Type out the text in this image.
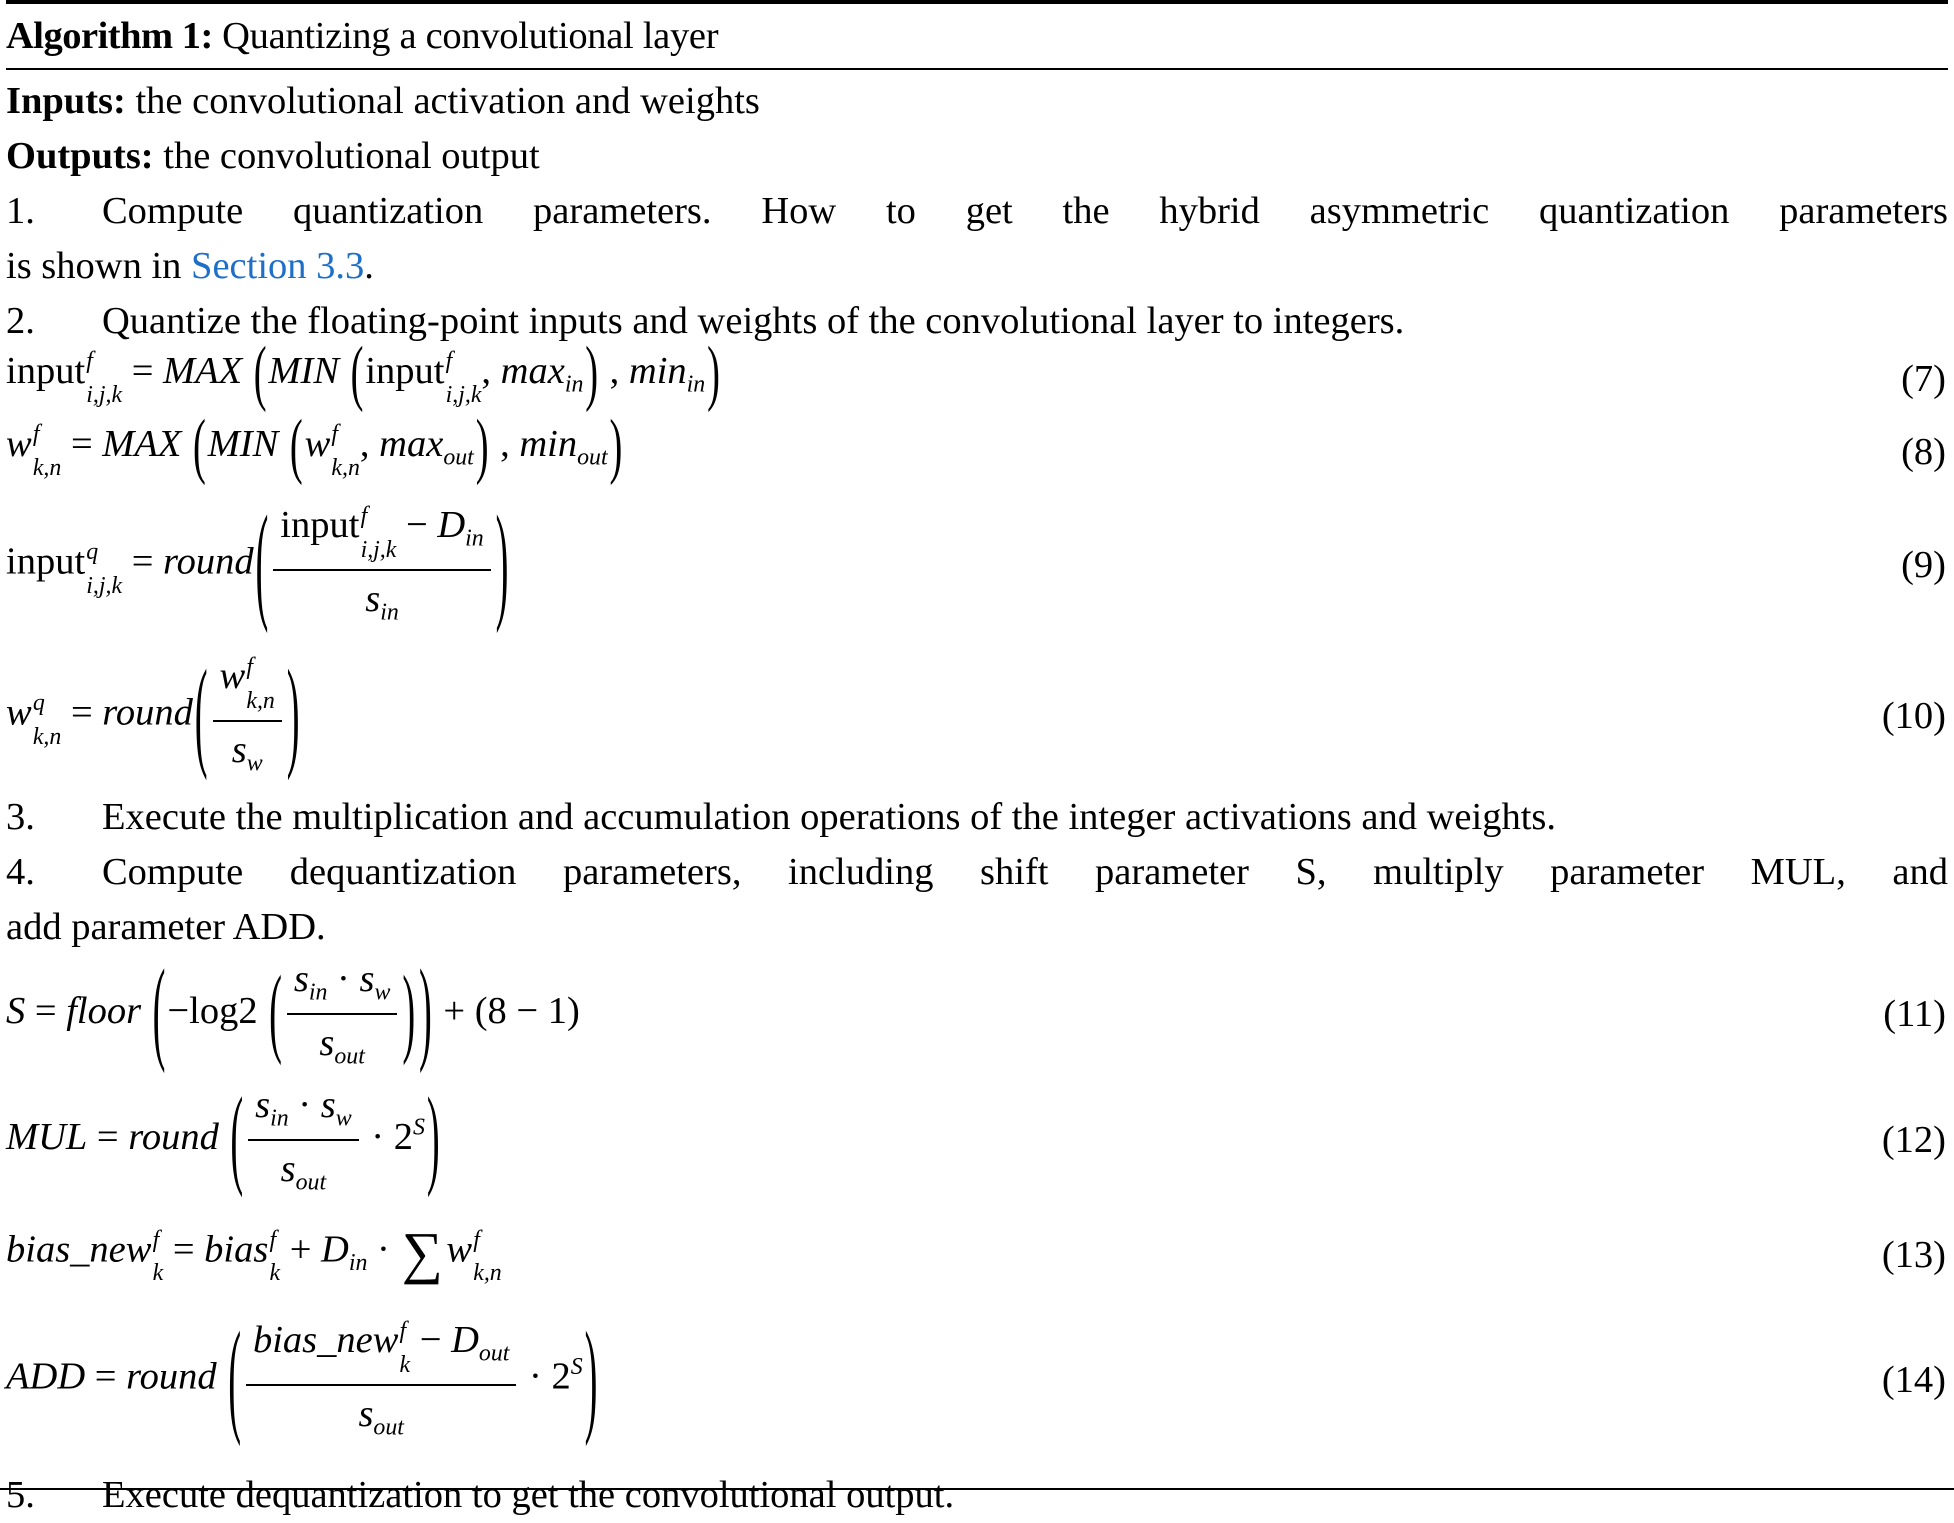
Algorithm 1: Quantizing a convolutional layer
Inputs: the convolutional activation and weights
Outputs: the convolutional output
1. Compute quantization parameters. How to get the hybrid asymmetric quantization parameters
is shown in Section 3.3.
2. Quantize the floating-point inputs and weights of the convolutional layer to integers.
input f
i,j,k
= MAX (MIN (input f
i,j,k
, $\max_{in}$) , $\min_{in}$)	(7)
w f
k,n
= MAX (MIN (w f
k,n
, $\max_{out}$) , $\min_{out}$)	(8)
input q
i,j,k
= round( input f
i,j,k
− $D_{in}$
$s_{in}$	)	(9)
w q
k,n
= round( w f
k,n
$s_w$ )	(10)
3. Execute the multiplication and accumulation operations of the integer activations and weights.
4. Compute dequantization parameters, including shift parameter S, multiply parameter MUL, and
add parameter ADD.
S = floor (−log2 ( $s_{in} \cdot s_w$
$s_{out}$ )) + (8 − 1)	(11)
MUL = round ( $s_{in} \cdot s_w$
$s_{out}$
· $2^S$)	(12)
bias_new f
k
= bias f
k
+ $D_{in} \cdot \sum w$ f
k,n	(13)
ADD = round ( bias_new f
k
− $D_{out}$
$s_{out}$
· $2^S$)	(14)
5. Execute dequantization to get the convolutional output.
